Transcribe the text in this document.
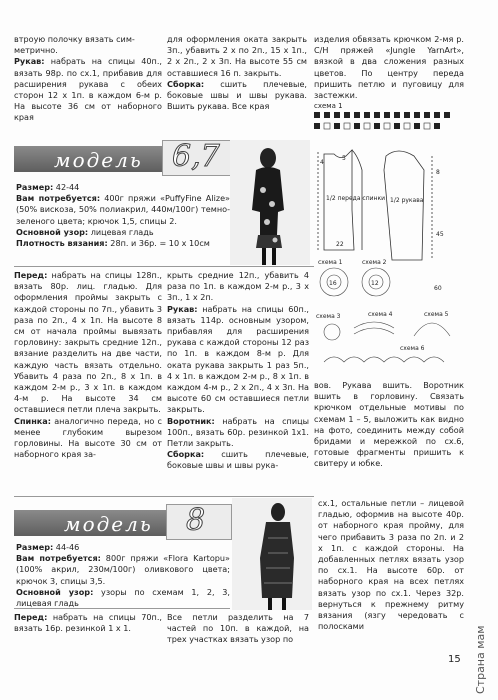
втроую полочку вязать сим-

метрично.

Рукав: набрать на спицы 40п., вязать 98р. по сх.1, прибавив для расширения рукава с обеих сторон 12 х 1п. в каждом 6-м р. На высоте 36 см от наборного края

для оформления оката закрыть 3п., убавить 2 х по 2п., 15 х 1п., 2 х 2п., 2 х 3п. На высоте 55 см оставшиеся 16 п. закрыть.

Сборка: сшить плечевые, боковые швы и швы рукава. Вшить рукава. Все края

изделия обвязать крючком 2-мя р. С/Н пряжей «Jungle YarnArt», вязкой в два сложения разных цветов. По центру переда пришить петлю и пуговицу для застежки.

схема 1
модель 6,7

Размер: 42-44

Вам потребуется: 400г пряжи «PuffyFine Alize» (50% вискоза, 50% полиакрил, 440м/100г) темно-зеленого цвета; крючок 1,5, спицы 2.

Основной узор: лицевая гладь

Плотность вязания: 28п. и 36р. = 10 х 10см

Перед: набрать на спицы 128п., вязать 80р. лиц. гладью. Для оформления проймы закрыть с каждой стороны по 7п., убавить 3 раза по 2п., 4 х 1п. На высоте 8 см от начала проймы вывязать горловину: закрыть средние 12п., вязание разделить на две части, каждую часть вязать отдельно. Убавить 4 раза по 2п., 8 х 1п. в каждом 2-м р., 3 х 1п. в каждом 4-м р. На высоте 34 см оставшиеся петли плеча закрыть.

Спинка: аналогично переда, но с менее глубоким вырезом горловины. На высоте 30 см от наборного края за-

крыть средние 12п., убавить 4 раза по 1п. в каждом 2-м р., 3 х 3п., 1 х 2п.

Рукав: набрать на спицы 60п., вязать 114р. основным узором, прибавляя для расширения рукава с каждой стороны 12 раз по 1п. в каждом 8-м р. Для оката рукава закрыть 1 раз 5п., 4 х 1п. в каждом 2-м р., 8 х 1п. в каждом 4-м р., 2 х 2п., 4 х 3п. На высоте 60 см оставшиеся петли закрыть.

Воротник: набрать на спицы 100п., вязать 60р. резинкой 1х1. Петли закрыть.

Сборка: сшить плечевые, боковые швы и швы рука-

вов. Рукава вшить. Воротник вшить в горловину. Связать крючком отдельные мотивы по схемам 1 – 5, выложить как видно на фото, соединить между собой бридами и мережкой по сх.6, готовые фрагменты пришить к свитеру и юбке.

1/2 переда спинки 1/2 рукава
22
45
60
4
5
8
схема 1	схема 2
16	12
схема 3	схема 4	схема 5
схема 6
модель 8

Размер: 44-46

Вам потребуется: 800г пряжи «Flora Kartopu» (100% акрил, 230м/100г) оливкового цвета; крючок 3, спицы 3,5.

Основной узор: узоры по схемам 1, 2, 3, лицевая гладь

Перед: набрать на спицы 70п., вязать 16р. резинкой 1 х 1.

Все петли разделить на 7 частей по 10п. в каждой, на трех участках вязать узор по

сх.1, остальные петли – лицевой гладью, оформив на высоте 40р. от наборного края пройму, для чего прибавить 3 раза по 2п. и 2 х 1п. с каждой стороны. На добавленных петлях вязать узор по сх.1. На высоте 60р. от наборного края на всех петлях вязать узор по сх.1. Через 32р. вернуться к прежнему ритму вязания (язгу чередовать с полосками

15 Страна мам
